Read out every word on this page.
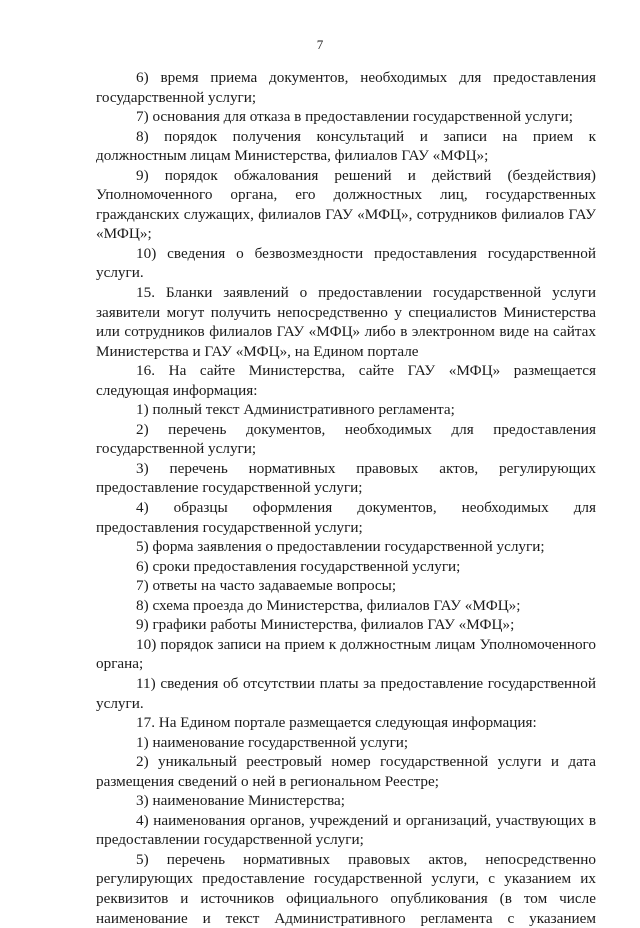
7

6) время приема документов, необходимых для предоставления государственной услуги;

7) основания для отказа в предоставлении государственной услуги;

8) порядок получения консультаций и записи на прием к должностным лицам Министерства, филиалов ГАУ «МФЦ»;

9) порядок обжалования решений и действий (бездействия) Уполномоченного органа, его должностных лиц, государственных гражданских служащих, филиалов ГАУ «МФЦ», сотрудников филиалов ГАУ «МФЦ»;

10) сведения о безвозмездности предоставления государственной услуги.

15. Бланки заявлений о предоставлении государственной услуги заявители могут получить непосредственно у специалистов Министерства или сотрудников филиалов ГАУ «МФЦ» либо в электронном виде на сайтах Министерства и ГАУ «МФЦ», на Едином портале

16. На сайте Министерства, сайте ГАУ «МФЦ» размещается следующая информация:

1) полный текст Административного регламента;

2) перечень документов, необходимых для предоставления государственной услуги;

3) перечень нормативных правовых актов, регулирующих предоставление государственной услуги;

4) образцы оформления документов, необходимых для предоставления государственной услуги;

5) форма заявления о предоставлении государственной услуги;

6) сроки предоставления государственной услуги;

7) ответы на часто задаваемые вопросы;

8) схема проезда до Министерства, филиалов ГАУ «МФЦ»;

9) графики работы Министерства, филиалов ГАУ «МФЦ»;

10) порядок записи на прием к должностным лицам Уполномоченного органа;

11) сведения об отсутствии платы за предоставление государственной услуги.

17. На Едином портале размещается следующая информация:

1) наименование государственной услуги;

2) уникальный реестровый номер государственной услуги и дата размещения сведений о ней в региональном Реестре;

3) наименование Министерства;

4) наименования органов, учреждений и организаций, участвующих в предоставлении государственной услуги;

5) перечень нормативных правовых актов, непосредственно регулирующих предоставление государственной услуги, с указанием их реквизитов и источников официального опубликования (в том числе наименование и текст Административного регламента с указанием
